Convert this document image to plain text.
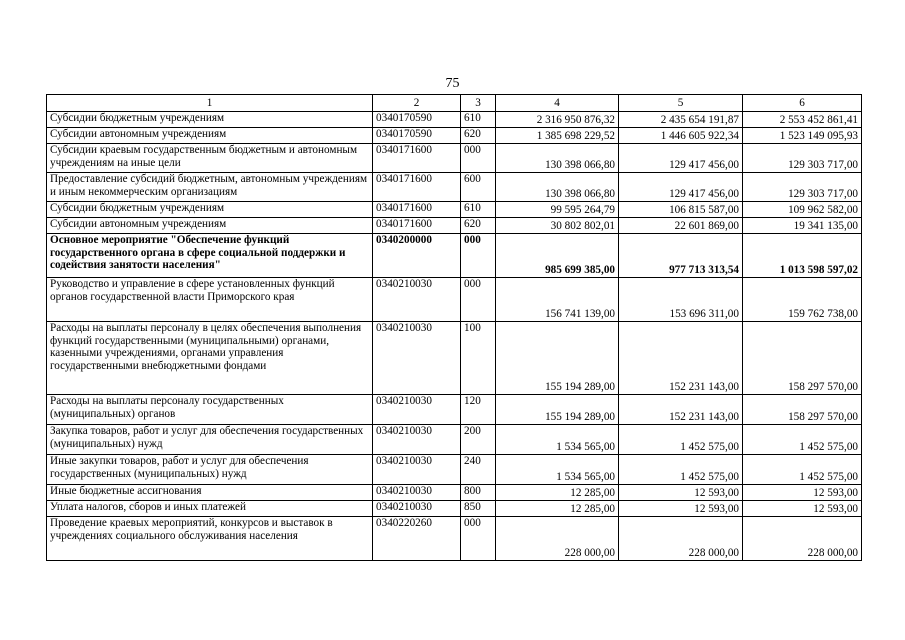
75
1	2	3	4	5	6
Субсидии бюджетным учреждениям	0340170590	610	2 316 950 876,32	2 435 654 191,87	2 553 452 861,41
Субсидии автономным учреждениям	0340170590	620	1 385 698 229,52	1 446 605 922,34	1 523 149 095,93
Субсидии краевым государственным бюджетным и автономным учреждениям на иные цели	0340171600	000	130 398 066,80	129 417 456,00	129 303 717,00
Предоставление субсидий бюджетным, автономным учреждениям и иным некоммерческим организациям	0340171600	600	130 398 066,80	129 417 456,00	129 303 717,00
Субсидии бюджетным учреждениям	0340171600	610	99 595 264,79	106 815 587,00	109 962 582,00
Субсидии автономным учреждениям	0340171600	620	30 802 802,01	22 601 869,00	19 341 135,00
Основное мероприятие "Обеспечение функций государственного органа в сфере социальной поддержки и содействия занятости населения"	0340200000	000	985 699 385,00	977 713 313,54	1 013 598 597,02
Руководство и управление в сфере установленных функций органов государственной власти Приморского края	0340210030	000	156 741 139,00	153 696 311,00	159 762 738,00
Расходы на выплаты персоналу в целях обеспечения выполнения функций государственными (муниципальными) органами, казенными учреждениями, органами управления государственными внебюджетными фондами	0340210030	100	155 194 289,00	152 231 143,00	158 297 570,00
Расходы на выплаты персоналу государственных (муниципальных) органов	0340210030	120	155 194 289,00	152 231 143,00	158 297 570,00
Закупка товаров, работ и услуг для обеспечения государственных (муниципальных) нужд	0340210030	200	1 534 565,00	1 452 575,00	1 452 575,00
Иные закупки товаров, работ и услуг для обеспечения государственных (муниципальных) нужд	0340210030	240	1 534 565,00	1 452 575,00	1 452 575,00
Иные бюджетные ассигнования	0340210030	800	12 285,00	12 593,00	12 593,00
Уплата налогов, сборов и иных платежей	0340210030	850	12 285,00	12 593,00	12 593,00
Проведение краевых мероприятий, конкурсов и выставок в учреждениях социального обслуживания населения	0340220260	000	228 000,00	228 000,00	228 000,00
